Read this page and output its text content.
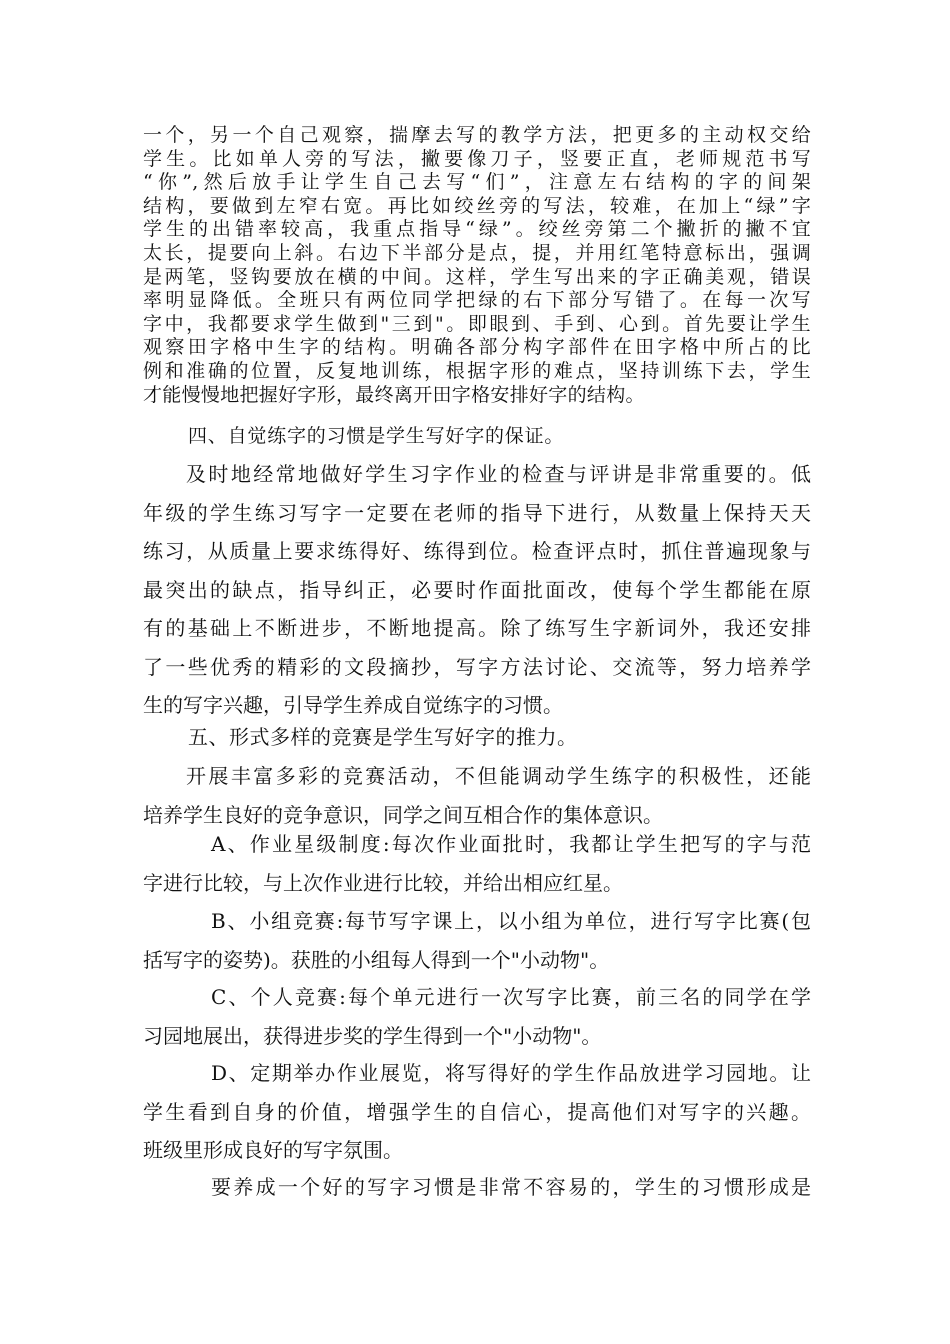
一个，另一个自己观察，揣摩去写的教学方法，把更多的主动权交给

学生。比如单人旁的写法，撇要像刀子，竖要正直，老师规范书写

“你”,然后放手让学生自己去写“们”，注意左右结构的字的间架

结构，要做到左窄右宽。再比如绞丝旁的写法，较难，在加上“绿”字

学生的出错率较高，我重点指导“绿”。绞丝旁第二个撇折的撇不宜

太长，提要向上斜。右边下半部分是点，提，并用红笔特意标出，强调

是两笔，竖钩要放在横的中间。这样，学生写出来的字正确美观，错误

率明显降低。全班只有两位同学把绿的右下部分写错了。在每一次写

字中，我都要求学生做到"三到"。即眼到、手到、心到。首先要让学生

观察田字格中生字的结构。明确各部分构字部件在田字格中所占的比

例和准确的位置，反复地训练，根据字形的难点，坚持训练下去，学生

才能慢慢地把握好字形，最终离开田字格安排好字的结构。

四、自觉练字的习惯是学生写好字的保证。

及时地经常地做好学生习字作业的检查与评讲是非常重要的。低

年级的学生练习写字一定要在老师的指导下进行，从数量上保持天天

练习，从质量上要求练得好、练得到位。检查评点时，抓住普遍现象与

最突出的缺点，指导纠正，必要时作面批面改，使每个学生都能在原

有的基础上不断进步，不断地提高。除了练写生字新词外，我还安排

了一些优秀的精彩的文段摘抄，写字方法讨论、交流等，努力培养学

生的写字兴趣，引导学生养成自觉练字的习惯。

五、形式多样的竞赛是学生写好字的推力。

开展丰富多彩的竞赛活动，不但能调动学生练字的积极性，还能

培养学生良好的竞争意识，同学之间互相合作的集体意识。

A、作业星级制度:每次作业面批时，我都让学生把写的字与范

字进行比较，与上次作业进行比较，并给出相应红星。

B、小组竞赛:每节写字课上，以小组为单位，进行写字比赛(包

括写字的姿势)。获胜的小组每人得到一个"小动物"。

C、个人竞赛:每个单元进行一次写字比赛，前三名的同学在学

习园地展出，获得进步奖的学生得到一个"小动物"。

D、定期举办作业展览，将写得好的学生作品放进学习园地。让

学生看到自身的价值，增强学生的自信心，提高他们对写字的兴趣。

班级里形成良好的写字氛围。

要养成一个好的写字习惯是非常不容易的，学生的习惯形成是
